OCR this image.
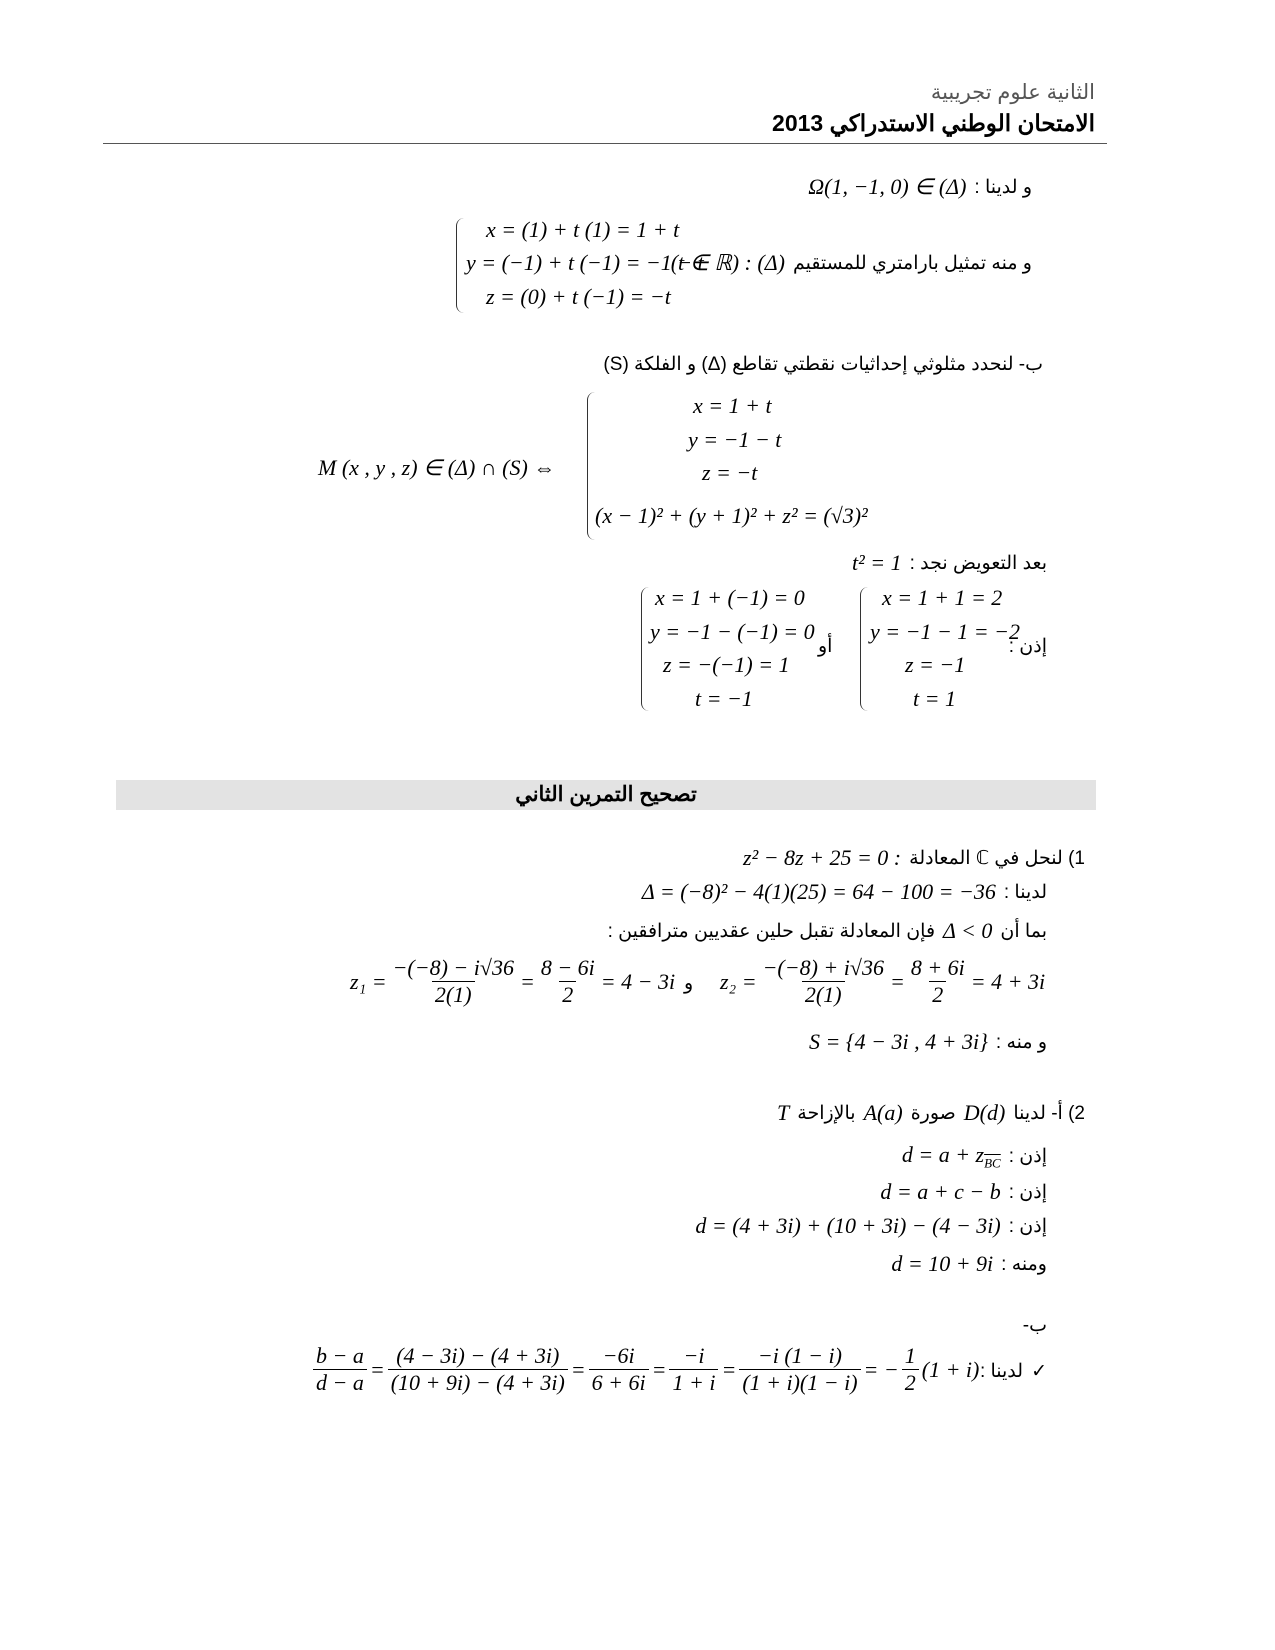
الثانية علوم تجريبية
الامتحان الوطني الاستدراكي 2013
و لدينا :
Ω(1, −1, 0) ∈ (Δ)
x = (1) + t (1) = 1 + t
y = (−1) + t (−1) = −1 − t
z = (0) + t (−1) = −t
و منه تمثيل بارامتري للمستقيم
(t ∈ ℝ) : (Δ)
ب- لنحدد مثلوثي إحداثيات نقطتي تقاطع (Δ) و الفلكة (S)
M (x , y , z) ∈ (Δ) ∩ (S) ⇔
x = 1 + t
y = −1 − t
z = −t
(x − 1)² + (y + 1)² + z² = (√3)²
بعد التعويض نجد :
t² = 1
x = 1 + (−1) = 0
y = −1 − (−1) = 0
z = −(−1) = 1
t = −1
أو
x = 1 + 1 = 2
y = −1 − 1 = −2
z = −1
t = 1
إذن :
تصحيح التمرين الثاني
1) لنحل في ℂ المعادلة
z² − 8z + 25 = 0 :
لدينا :
Δ = (−8)² − 4(1)(25) = 64 − 100 = −36
بما أن
Δ < 0
فإن المعادلة تقبل حلين عقديين مترافقين :
$z_1 = \frac{-(-8) - i√36}{2(1)} = \frac{8 - 6i}{2} = 4 - 3i$ و $z_2 = \frac{-(-8) + i√36}{2(1)} = \frac{8 + 6i}{2} = 4 + 3i$
و منه :
S = {4 − 3i , 4 + 3i}
2) أ- لدينا
D(d)
صورة
A(a)
بالإزاحة
T
إذن :
$d = a + z_{\overline{BC}}$
إذن :
d = a + c − b
إذن :
d = (4 + 3i) + (10 + 3i) − (4 − 3i)
ومنه :
d = 10 + 9i
ب-
$\frac{b - a}{d - a} = \frac{(4 - 3i) - (4 + 3i)}{(10 + 9i) - (4 + 3i)} = \frac{-6i}{6 + 6i} = \frac{-i}{1 + i} = \frac{-i (1 - i)}{(1 + i)(1 - i)}$ = − $\frac{1}{2} (1 + i)$	✓
لدينا :
